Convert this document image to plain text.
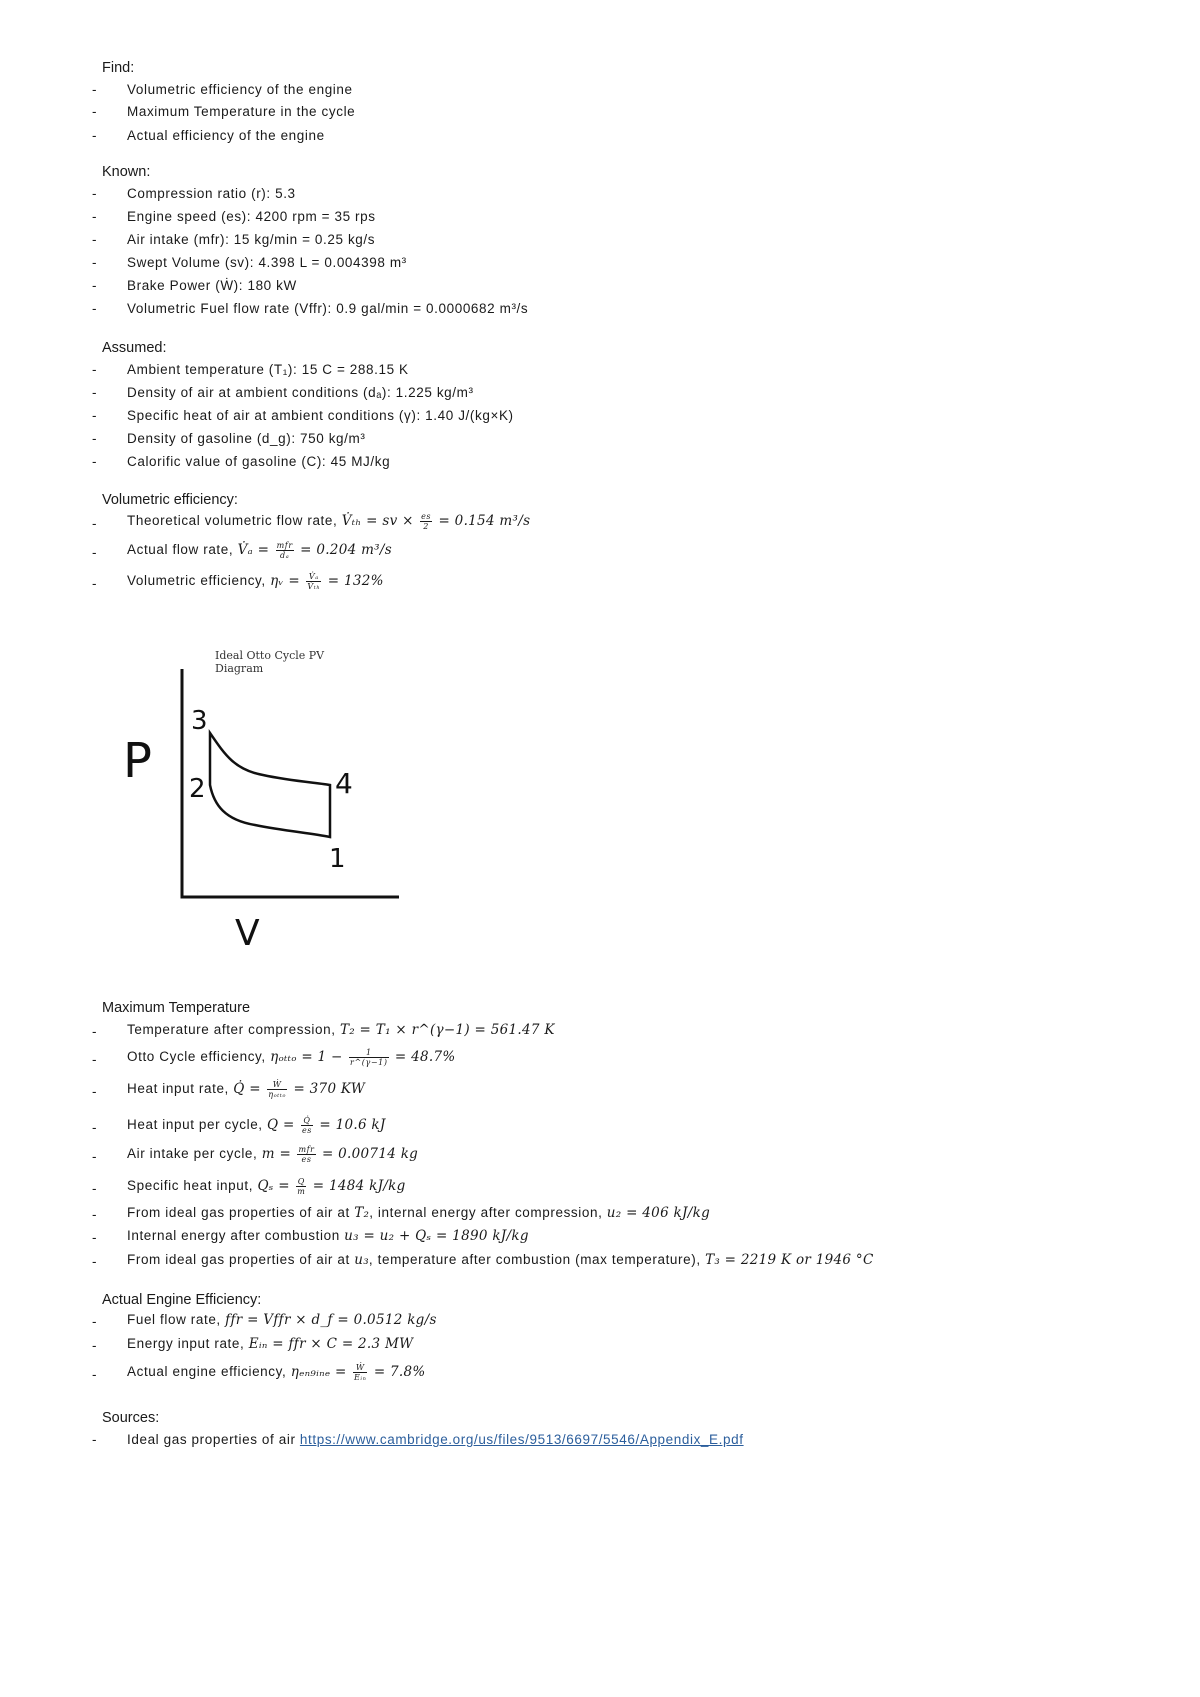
Find:
- Volumetric efficiency of the engine
- Maximum Temperature in the cycle
- Actual efficiency of the engine
Known:
- Compression ratio (r): 5.3
- Engine speed (es): 4200 rpm = 35 rps
- Air intake (mfr): 15 kg/min = 0.25 kg/s
- Swept Volume (sv): 4.398 L = 0.004398 m³
- Brake Power (Ẇ): 180 kW
- Volumetric Fuel flow rate (Vffr): 0.9 gal/min = 0.0000682 m³/s
Assumed:
- Ambient temperature (T₁): 15 C = 288.15 K
- Density of air at ambient conditions (dₐ): 1.225 kg/m³
- Specific heat of air at ambient conditions (γ): 1.40 J/(kg×K)
- Density of gasoline (d_g): 750 kg/m³
- Calorific value of gasoline (C): 45 MJ/kg
Volumetric efficiency:
- Theoretical volumetric flow rate, V̇ₜₕ = sv × $\frac{es}{2} = 0.154$ m³/s
- Actual flow rate, V̇ₐ = $\frac{\text{mfr}}{\text{dₐ}} = 0.204$ m³/s
- Volumetric efficiency, ηᵥ = $\frac{\text{V̇ₐ}}{\text{V̇ₜₕ}} = 132\%$
Ideal Otto Cycle PV
Diagram
P
V
3
2	4
1
Maximum Temperature
- Temperature after compression, T₂ = T₁ × r^(γ−1) = 561.47 K
- Otto Cycle efficiency, $\eta_{otto} = 1 - \frac{1}{r\^{}(\gamma-1)} = 48.7\%$
- Heat input rate, Q̇ = $\frac{\text{Ẇ}}{\text{ηₒₜₜₒ}} = 370$ KW
- Heat input per cycle, $Q = \frac{Q̇}{es} = 10.6$ kJ
- Air intake per cycle, $m = \frac{\text{mfr}}{es} = 0.00714$ kg
- Specific heat input, $Q_s = \frac{Q}{m} = 1484$ kJ/kg
- From ideal gas properties of air at T₂, internal energy after compression, u₂ = 406 kJ/kg
- Internal energy after combustion u₃ = u₂ + Qₛ = 1890 kJ/kg
- From ideal gas properties of air at u₃, temperature after combustion (max temperature), T₃ = 2219 K or 1946 °C
Actual Engine Efficiency:
- Fuel flow rate, ffr = Vffr × d_f = 0.0512 kg/s
- Energy input rate, Eᵢₙ = ffr × C = 2.3 MW
- Actual engine efficiency, ηₑₙ₉ᵢₙₑ = $\frac{\text{Ẇ}}{\text{Eᵢₙ}} = 7.8\%$
Sources:
- Ideal gas properties of air https://www.cambridge.org/us/files/9513/6697/5546/Appendix_E.pdf
